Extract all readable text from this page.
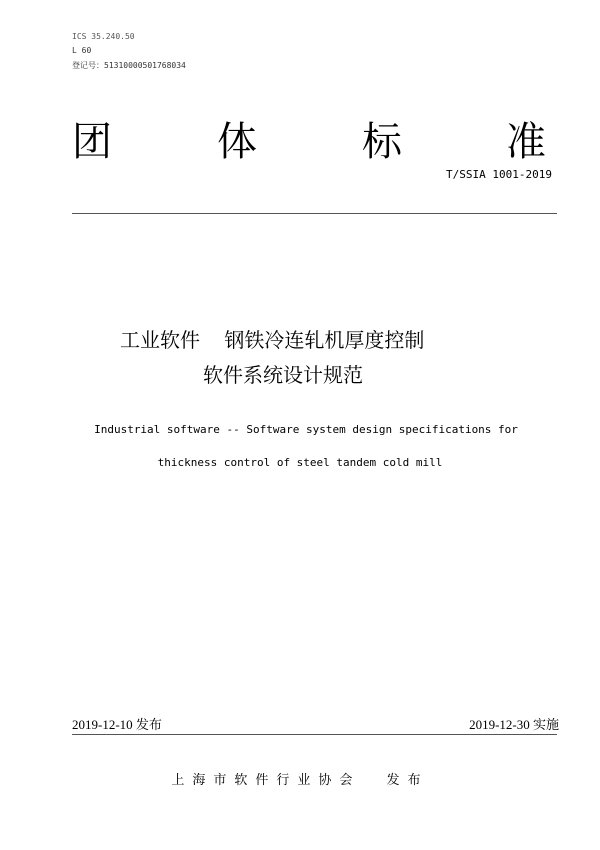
ICS 35.240.50
L 60
登记号：51310000501768034
团	体	标	准
T/SSIA 1001-2019
工业软件 钢铁冷连轧机厚度控制
软件系统设计规范
Industrial software -- Software system design specifications for
thickness control of steel tandem cold mill
2019-12-10 发布	2019-12-30 实施
上海市软件行业协会 发布
